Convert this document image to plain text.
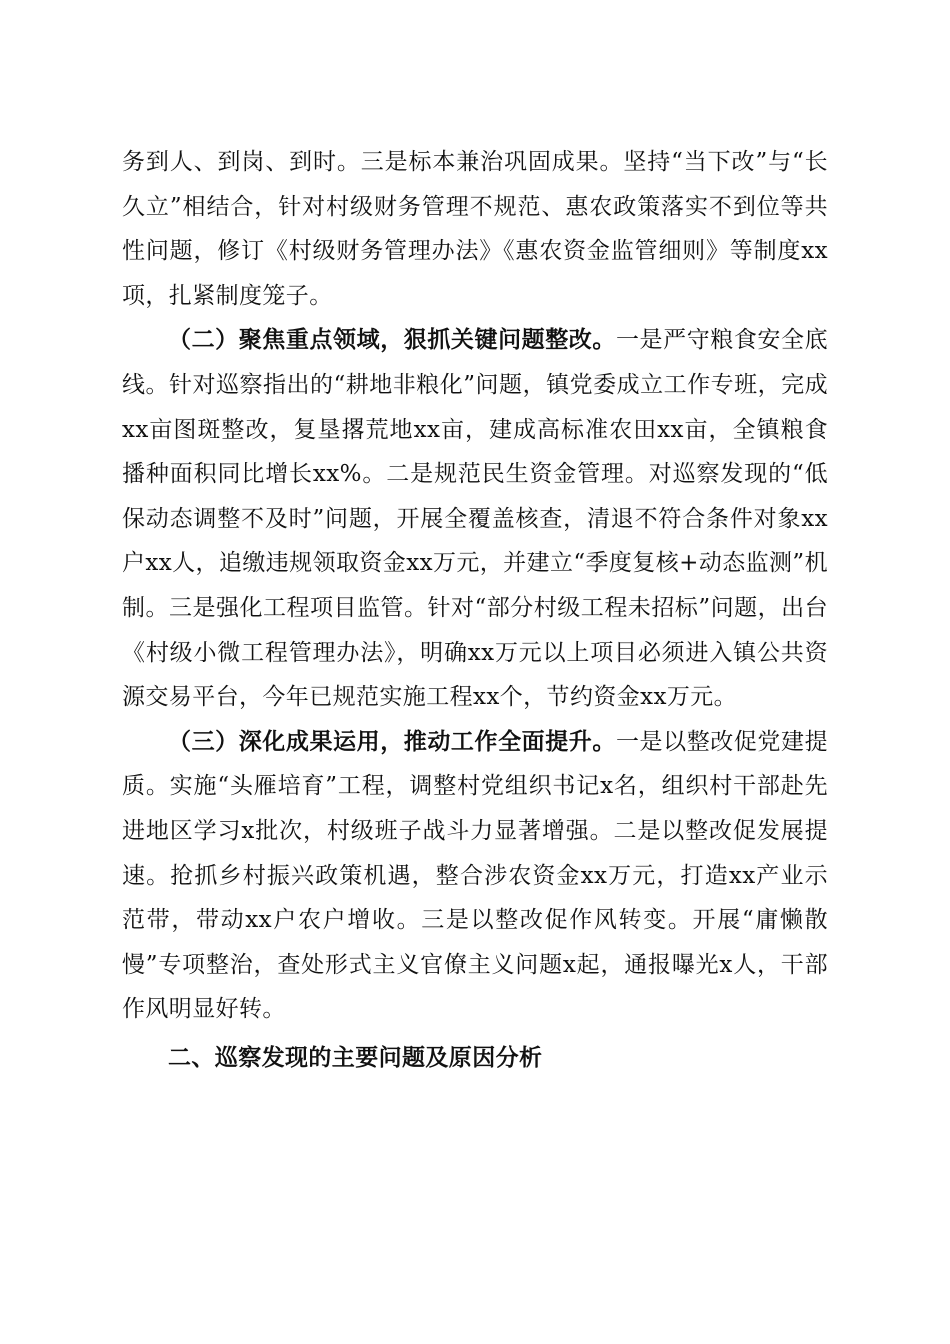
务到人、到岗、到时。三是标本兼治巩固成果。坚持“当下改”与“长久立”相结合，针对村级财务管理不规范、惠农政策落实不到位等共性问题，修订《村级财务管理办法》《惠农资金监管细则》等制度xx项，扎紧制度笼子。

（二）聚焦重点领域，狠抓关键问题整改。一是严守粮食安全底线。针对巡察指出的“耕地非粮化”问题，镇党委成立工作专班，完成xx亩图斑整改，复垦撂荒地xx亩，建成高标准农田xx亩，全镇粮食播种面积同比增长xx%。二是规范民生资金管理。对巡察发现的“低保动态调整不及时”问题，开展全覆盖核查，清退不符合条件对象xx户xx人，追缴违规领取资金xx万元，并建立“季度复核+动态监测”机制。三是强化工程项目监管。针对“部分村级工程未招标”问题，出台《村级小微工程管理办法》，明确xx万元以上项目必须进入镇公共资源交易平台，今年已规范实施工程xx个，节约资金xx万元。

（三）深化成果运用，推动工作全面提升。一是以整改促党建提质。实施“头雁培育”工程，调整村党组织书记x名，组织村干部赴先进地区学习x批次，村级班子战斗力显著增强。二是以整改促发展提速。抢抓乡村振兴政策机遇，整合涉农资金xx万元，打造xx产业示范带，带动xx户农户增收。三是以整改促作风转变。开展“庸懒散慢”专项整治，查处形式主义官僚主义问题x起，通报曝光x人，干部作风明显好转。

二、巡察发现的主要问题及原因分析
